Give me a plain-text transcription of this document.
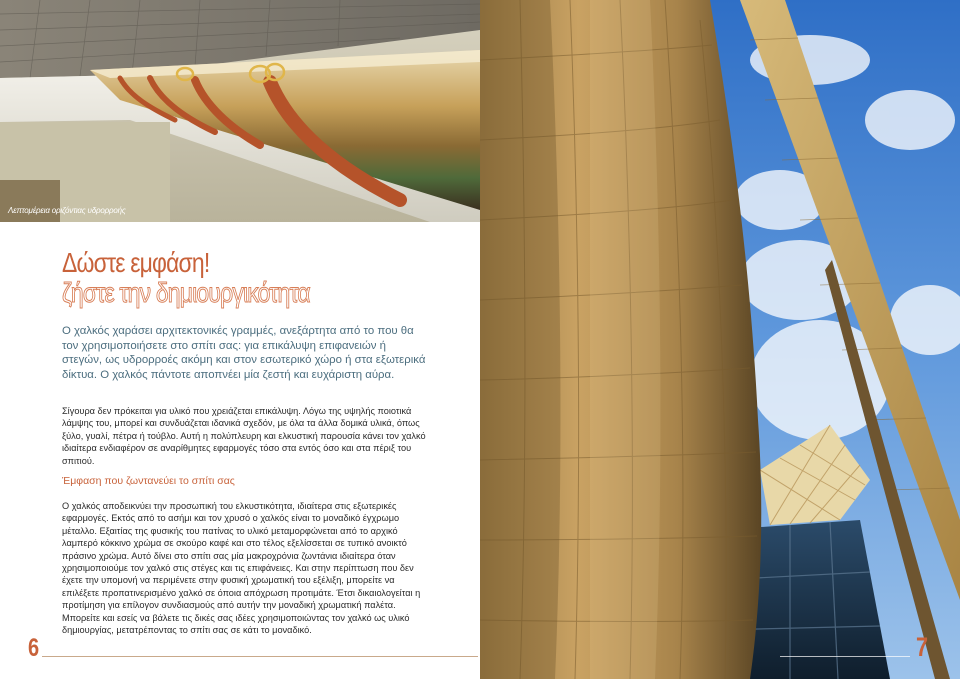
Λεπτομέρεια οριζόντιας υδρορροής
Δώστε εμφάση!
ζήστε την δημιουργικότητα
Ο χαλκός χαράσει αρχιτεκτονικές γραμμές, ανεξάρτητα από το που θα τον χρησιμοποιήσετε στο σπίτι σας: για επικάλυψη επιφανειών ή στεγών, ως υδρορροές ακόμη και στον εσωτερικό χώρο ή στα εξωτερικά δίκτυα. Ο χαλκός πάντοτε αποπνέει μία ζεστή και ευχάριστη αύρα.
Σίγουρα δεν πρόκειται για υλικό που χρειάζεται επικάλυψη. Λόγω της υψηλής ποιοτικά λάμψης του, μπορεί και συνδυάζεται ιδανικά σχεδόν, με όλα τα άλλα δομικά υλικά, όπως ξύλο, γυαλί, πέτρα ή τούβλο. Αυτή η πολύπλευρη και ελκυστική παρουσία κάνει τον χαλκό ιδιαίτερα ενδιαφέρον σε αναρίθμητες εφαρμογές τόσο στα εντός όσο και στα πέριξ του σπιτιού.
Έμφαση που ζωντανεύει το σπίτι σας

Ο χαλκός αποδεικνύει την προσωπική του ελκυστικότητα, ιδιαίτερα στις εξωτερικές εφαρμογές. Εκτός από το ασήμι και τον χρυσό ο χαλκός είναι το μοναδικό έγχρωμο μέταλλο. Εξαιτίας της φυσικής του πατίνας το υλικό μεταμορφώνεται από το αρχικό λαμπερό κόκκινο χρώμα σε σκούρο καφέ και στο τέλος εξελίσσεται σε τυπικό ανοικτό πράσινο χρώμα. Αυτό δίνει στο σπίτι σας μία μακροχρόνια ζωντάνια ιδιαίτερα όταν χρησιμοποιούμε τον χαλκό στις στέγες και τις επιφάνειες. Και στην περίπτωση που δεν έχετε την υπομονή να περιμένετε στην φυσική χρωματική του εξέλιξη, μπορείτε να επιλέξετε προπατινερισμένο χαλκό σε όποια απόχρωση προτιμάτε. Έτσι δικαιολογείται η προτίμηση για επίλογον συνδιασμούς από αυτήν την μοναδική χρωματική παλέτα. Μπορείτε και εσείς να βάλετε τις δικές σας ιδέες χρησιμοποιώντας τον χαλκό ως υλικό δημιουργίας, μετατρέποντας το σπίτι σας σε κάτι το μοναδικό.

6	7
